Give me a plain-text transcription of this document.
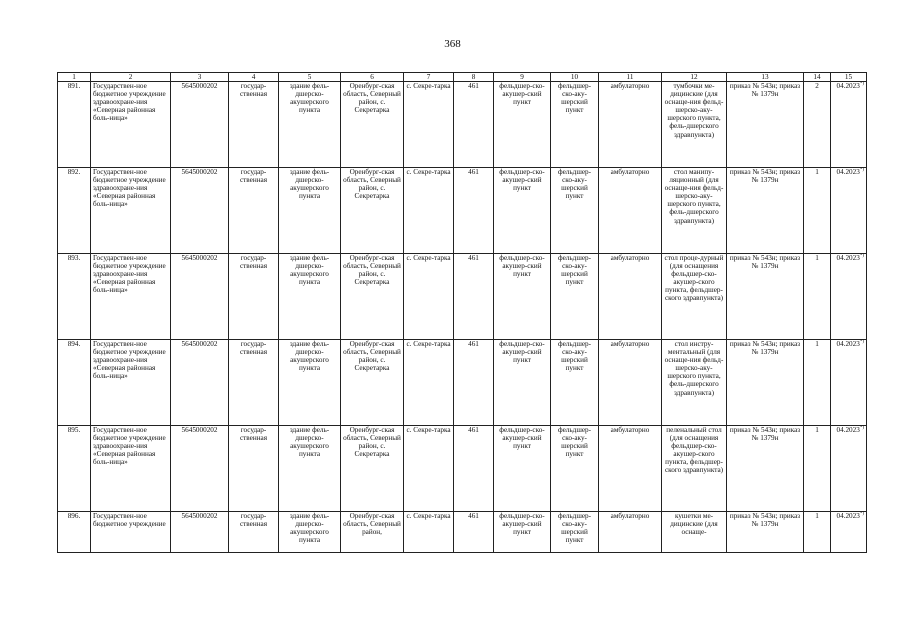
368
1	2	3	4	5	6	7	8	9	10	11	12	13	14	15
891.	Государствен-ное бюджетное учреждение здравоохране-ния «Северная районная боль-ница»	5645000202	государ-ственная	здание фель-дшерско-акушерского пункта	Оренбург-ская область, Северный район, с. Секретарка	с. Секре-тарка	461	фельдшер-ско-акушер-ский пункт	фельдшер-ско-аку-шерский пункт	амбулаторно	тумбочки ме-дицинские (для оснаще-ния фельд-шерско-аку-шерского пункта, фель-дшерского здравпункта)	приказ № 543н; приказ № 1379н	2	04.2023*)
892.	Государствен-ное бюджетное учреждение здравоохране-ния «Северная районная боль-ница»	5645000202	государ-ственная	здание фель-дшерско-акушерского пункта	Оренбург-ская область, Северный район, с. Секретарка	с. Секре-тарка	461	фельдшер-ско-акушер-ский пункт	фельдшер-ско-аку-шерский пункт	амбулаторно	стол манипу-ляционный (для оснаще-ния фельд-шерско-аку-шерского пункта, фель-дшерского здравпункта)	приказ № 543н; приказ № 1379н	1	04.2023*)
893.	Государствен-ное бюджетное учреждение здравоохране-ния «Северная районная боль-ница»	5645000202	государ-ственная	здание фель-дшерско-акушерского пункта	Оренбург-ская область, Северный район, с. Секретарка	с. Секре-тарка	461	фельдшер-ско-акушер-ский пункт	фельдшер-ско-аку-шерский пункт	амбулаторно	стол проце-дурный (для оснащения фельдшер-ско-акушер-ского пункта, фельдшер-ского здравпункта)	приказ № 543н; приказ № 1379н	1	04.2023*)
894.	Государствен-ное бюджетное учреждение здравоохране-ния «Северная районная боль-ница»	5645000202	государ-ственная	здание фель-дшерско-акушерского пункта	Оренбург-ская область, Северный район, с. Секретарка	с. Секре-тарка	461	фельдшер-ско-акушер-ский пункт	фельдшер-ско-аку-шерский пункт	амбулаторно	стол инстру-ментальный (для оснаще-ния фельд-шерско-аку-шерского пункта, фель-дшерского здравпункта)	приказ № 543н; приказ № 1379н	1	04.2023*)
895.	Государствен-ное бюджетное учреждение здравоохране-ния «Северная районная боль-ница»	5645000202	государ-ственная	здание фель-дшерско-акушерского пункта	Оренбург-ская область, Северный район, с. Секретарка	с. Секре-тарка	461	фельдшер-ско-акушер-ский пункт	фельдшер-ско-аку-шерский пункт	амбулаторно	пеленальный стол (для оснащения фельдшер-ско-акушер-ского пункта, фельдшер-ского здравпункта)	приказ № 543н; приказ № 1379н	1	04.2023*)
896.	Государствен-ное бюджетное учреждение	5645000202	государ-ственная	здание фель-дшерско-акушерского пункта	Оренбург-ская область, Северный район,	с. Секре-тарка	461	фельдшер-ско-акушер-ский пункт	фельдшер-ско-аку-шерский пункт	амбулаторно	кушетки ме-дицинские (для оснаще-	приказ № 543н; приказ № 1379н	1	04.2023*)
